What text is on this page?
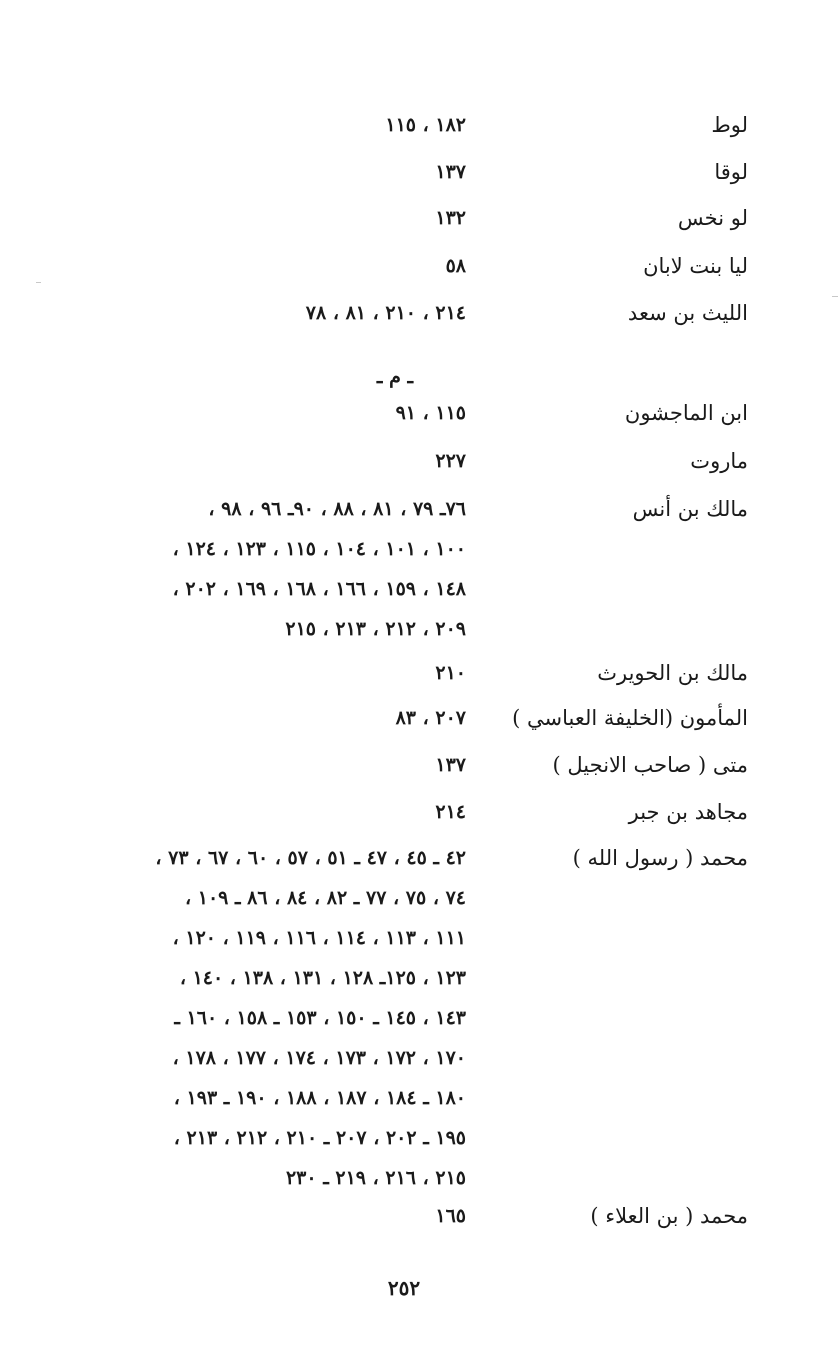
لوط
١٨٢ ، ١١٥
لوقا
١٣٧
لو نخس
١٣٢
ليا بنت لابان
٥٨
الليث بن سعد
٢١٤ ، ٢١٠ ، ٨١ ، ٧٨
ابن الماجشون
١١٥ ، ٩١
ماروت
٢٢٧
مالك بن أنس
٧٦ـ ٧٩ ، ٨١ ، ٨٨ ، ٩٠ـ ٩٦ ، ٩٨ ،
١٠٠ ، ١٠١ ، ١٠٤ ، ١١٥ ، ١٢٣ ، ١٢٤ ،
١٤٨ ، ١٥٩ ، ١٦٦ ، ١٦٨ ، ١٦٩ ، ٢٠٢ ،
٢٠٩ ، ٢١٢ ، ٢١٣ ، ٢١٥
مالك بن الحويرث
٢١٠
المأمون (الخليفة العباسي )
٢٠٧ ، ٨٣
متى ( صاحب الانجيل )
١٣٧
مجاهد بن جبر
٢١٤
محمد ( رسول الله )
٤٢ ـ ٤٥ ، ٤٧ ـ ٥١ ، ٥٧ ، ٦٠ ، ٦٧ ، ٧٣ ،
٧٤ ، ٧٥ ، ٧٧ ـ ٨٢ ، ٨٤ ، ٨٦ ـ ١٠٩ ،
١١١ ، ١١٣ ، ١١٤ ، ١١٦ ، ١١٩ ، ١٢٠ ،
١٢٣ ، ١٢٥ـ ١٢٨ ، ١٣١ ، ١٣٨ ، ١٤٠ ،
١٤٣ ، ١٤٥ ـ ١٥٠ ، ١٥٣ ـ ١٥٨ ، ١٦٠ ـ
١٧٠ ، ١٧٢ ، ١٧٣ ، ١٧٤ ، ١٧٧ ، ١٧٨ ،
١٨٠ ـ ١٨٤ ، ١٨٧ ، ١٨٨ ، ١٩٠ ـ ١٩٣ ،
١٩٥ ـ ٢٠٢ ، ٢٠٧ ـ ٢١٠ ، ٢١٢ ، ٢١٣ ،
٢١٥ ، ٢١٦ ، ٢١٩ ـ ٢٣٠
محمد ( بن العلاء )
١٦٥
ـ م ـ
٢٥٢
